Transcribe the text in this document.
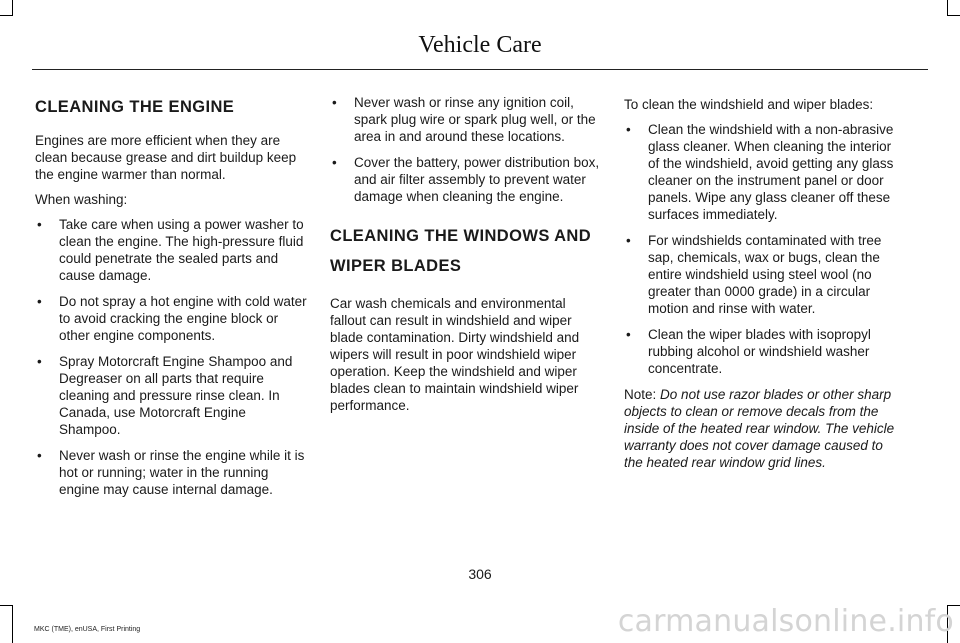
Vehicle Care
CLEANING THE ENGINE

Engines are more efficient when they are clean because grease and dirt buildup keep the engine warmer than normal.

When washing:

• Take care when using a power washer to clean the engine. The high-pressure fluid could penetrate the sealed parts and cause damage.
• Do not spray a hot engine with cold water to avoid cracking the engine block or other engine components.
• Spray Motorcraft Engine Shampoo and Degreaser on all parts that require cleaning and pressure rinse clean. In Canada, use Motorcraft Engine Shampoo.
• Never wash or rinse the engine while it is hot or running; water in the running engine may cause internal damage.
• Never wash or rinse any ignition coil, spark plug wire or spark plug well, or the area in and around these locations.
• Cover the battery, power distribution box, and air filter assembly to prevent water damage when cleaning the engine.
CLEANING THE WINDOWS AND
WIPER BLADES

Car wash chemicals and environmental fallout can result in windshield and wiper blade contamination. Dirty windshield and wipers will result in poor windshield wiper operation. Keep the windshield and wiper blades clean to maintain windshield wiper performance.

To clean the windshield and wiper blades:

• Clean the windshield with a non-abrasive glass cleaner. When cleaning the interior of the windshield, avoid getting any glass cleaner on the instrument panel or door panels. Wipe any glass cleaner off these surfaces immediately.
• For windshields contaminated with tree sap, chemicals, wax or bugs, clean the entire windshield using steel wool (no greater than 0000 grade) in a circular motion and rinse with water.
• Clean the wiper blades with isopropyl rubbing alcohol or windshield washer concentrate.

Note: Do not use razor blades or other sharp objects to clean or remove decals from the inside of the heated rear window. The vehicle warranty does not cover damage caused to the heated rear window grid lines.

306
MKC (TME), enUSA, First Printing	carmanualsonline.info
